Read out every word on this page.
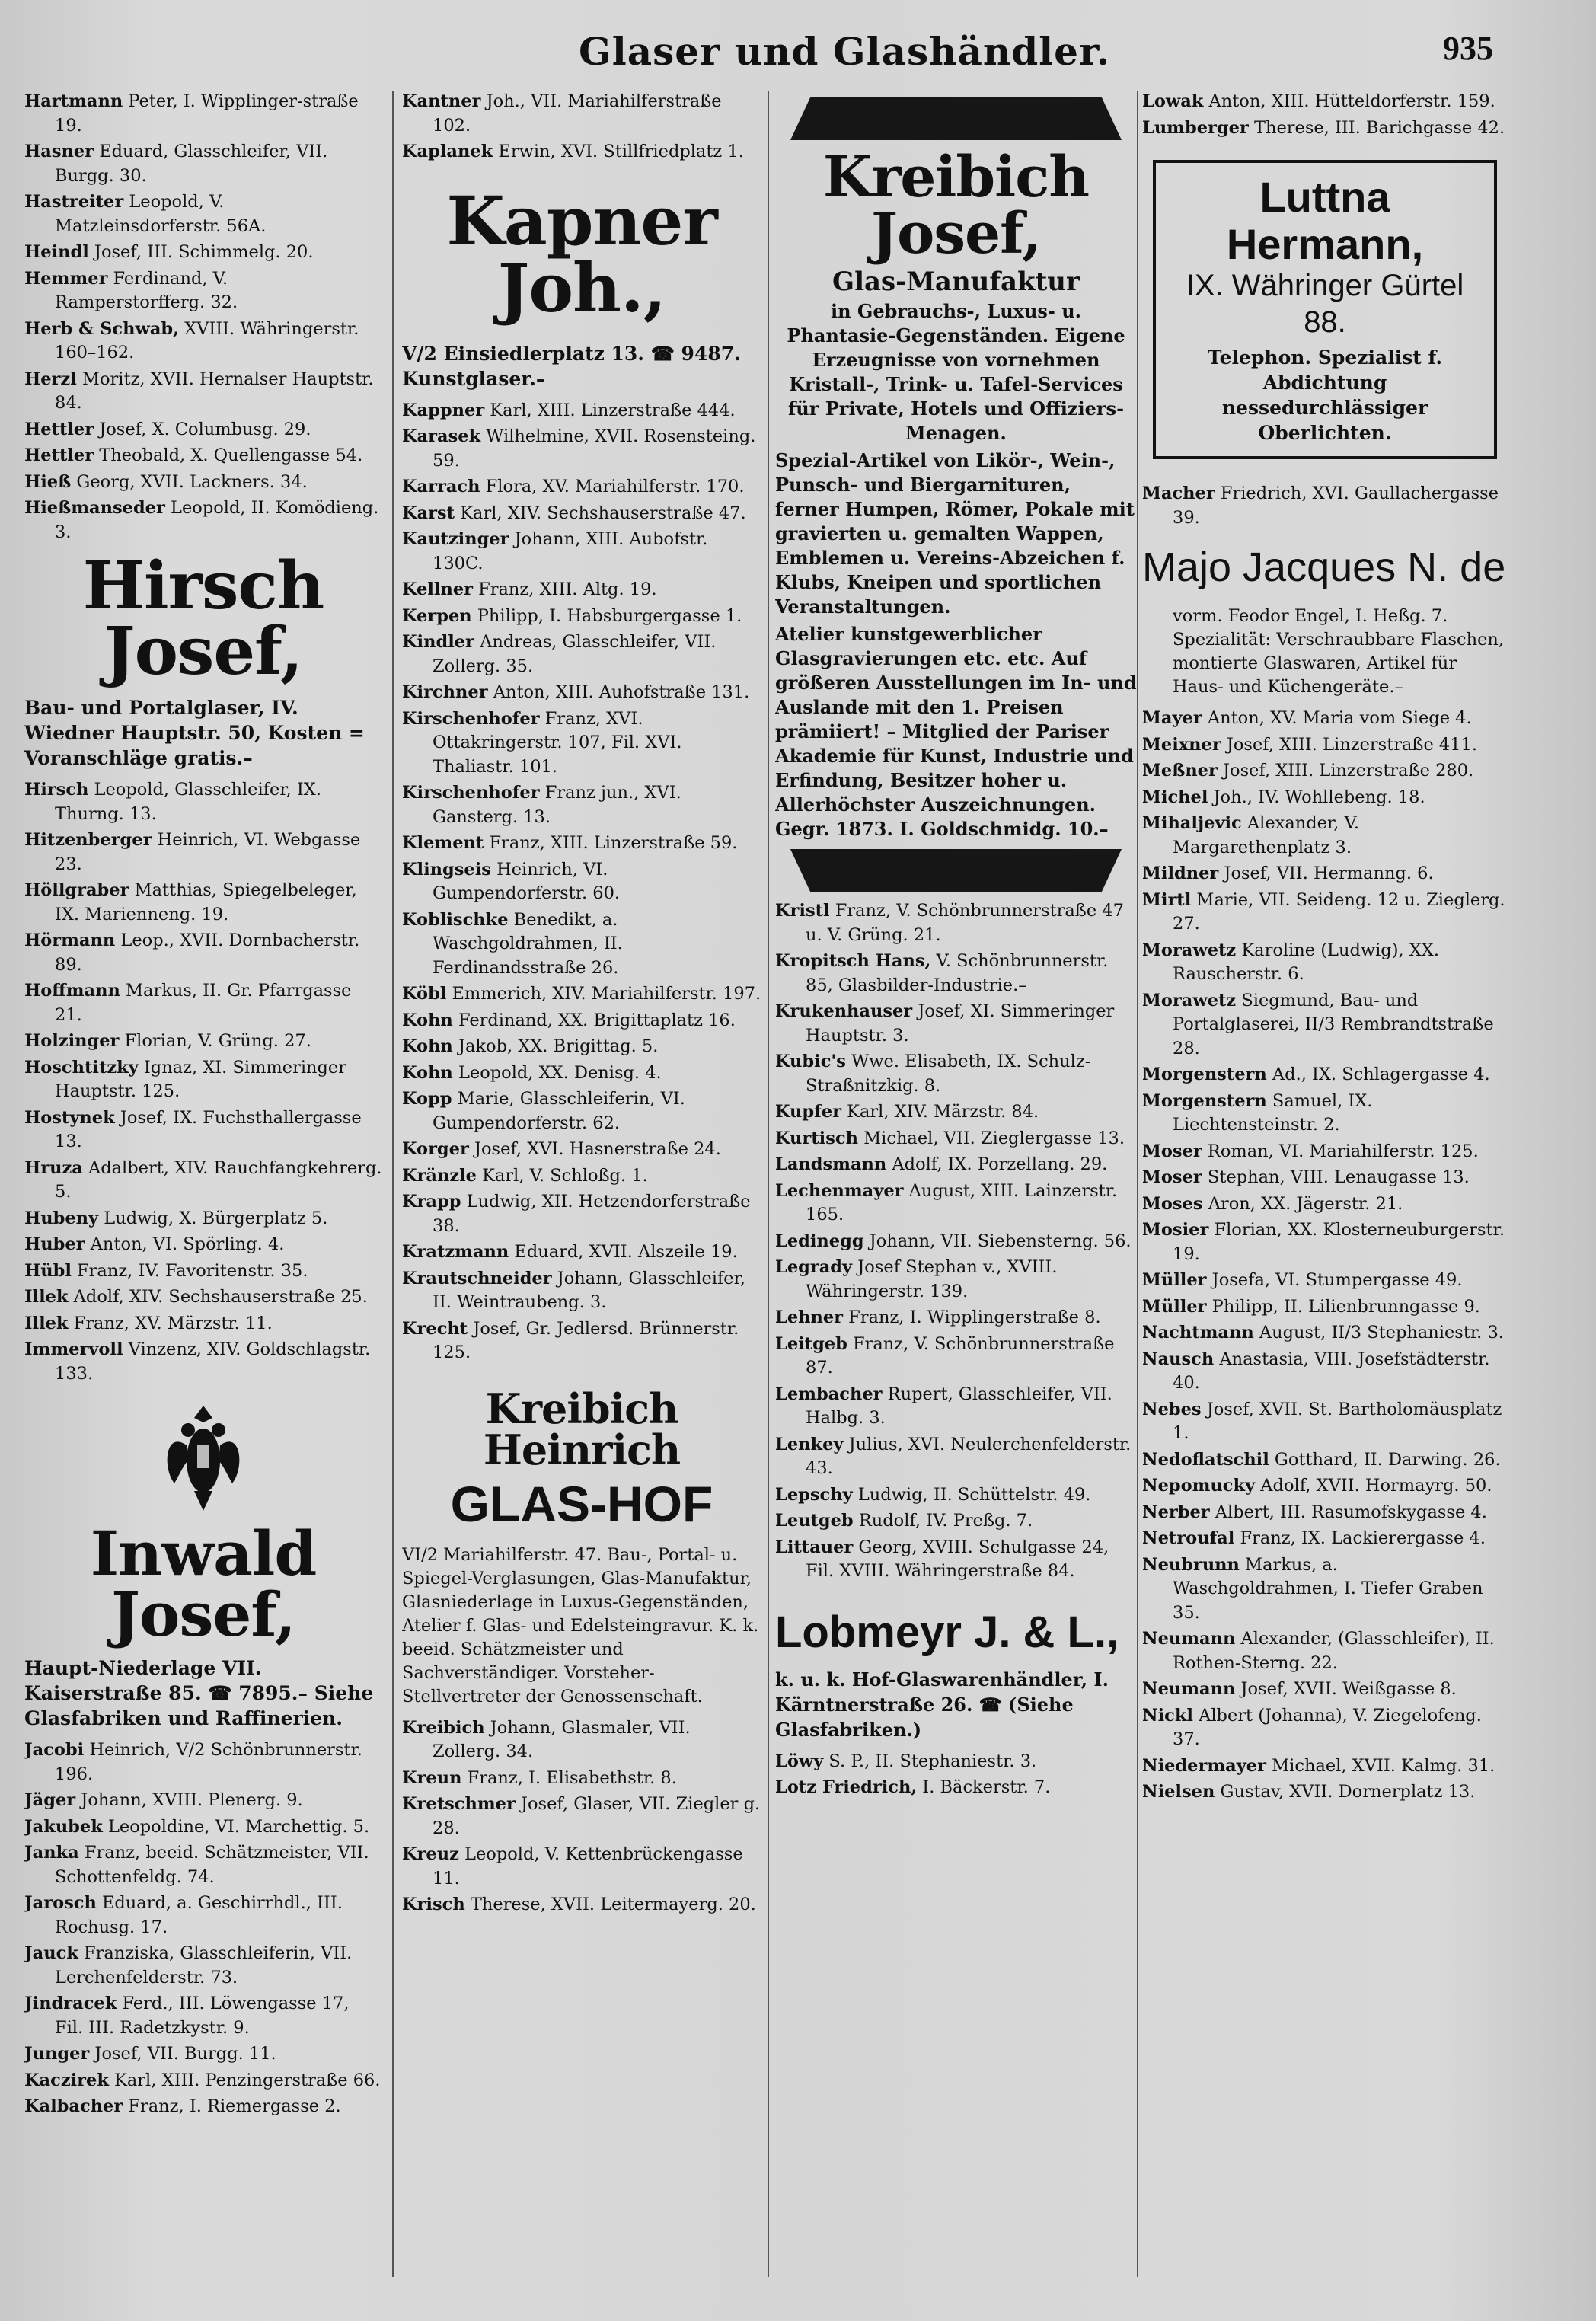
Glaser und Glashändler.	935
Hartmann Peter, I. Wipplinger-straße 19.
Hasner Eduard, Glasschleifer, VII. Burgg. 30.
Hastreiter Leopold, V. Matzleinsdorferstr. 56A.
Heindl Josef, III. Schimmelg. 20.
Hemmer Ferdinand, V. Ramperstorfferg. 32.
Herb & Schwab, XVIII. Währingerstr. 160–162.
Herzl Moritz, XVII. Hernalser Hauptstr. 84.
Hettler Josef, X. Columbusg. 29.
Hettler Theobald, X. Quellengasse 54.
Hieß Georg, XVII. Lackners. 34.
Hießmanseder Leopold, II. Komödieng. 3.
Hirsch Josef,
Bau- und Portalglaser, IV. Wiedner Hauptstr. 50, Kosten = Voranschläge gratis.–
Hirsch Leopold, Glasschleifer, IX. Thurng. 13.
Hitzenberger Heinrich, VI. Webgasse 23.
Höllgraber Matthias, Spiegelbeleger, IX. Marienneng. 19.
Hörmann Leop., XVII. Dornbacherstr. 89.
Hoffmann Markus, II. Gr. Pfarrgasse 21.
Holzinger Florian, V. Grüng. 27.
Hoschtitzky Ignaz, XI. Simmeringer Hauptstr. 125.
Hostynek Josef, IX. Fuchsthallergasse 13.
Hruza Adalbert, XIV. Rauchfangkehrerg. 5.
Hubeny Ludwig, X. Bürgerplatz 5.
Huber Anton, VI. Spörling. 4.
Hübl Franz, IV. Favoritenstr. 35.
Illek Adolf, XIV. Sechshauserstraße 25.
Illek Franz, XV. Märzstr. 11.
Immervoll Vinzenz, XIV. Goldschlagstr. 133.
Inwald Josef,
Haupt-Niederlage VII. Kaiserstraße 85. ☎ 7895.– Siehe Glasfabriken und Raffinerien.
Jacobi Heinrich, V/2 Schönbrunnerstr. 196.
Jäger Johann, XVIII. Plenerg. 9.
Jakubek Leopoldine, VI. Marchettig. 5.
Janka Franz, beeid. Schätzmeister, VII. Schottenfeldg. 74.
Jarosch Eduard, a. Geschirrhdl., III. Rochusg. 17.
Jauck Franziska, Glasschleiferin, VII. Lerchenfelderstr. 73.
Jindracek Ferd., III. Löwengasse 17, Fil. III. Radetzkystr. 9.
Junger Josef, VII. Burgg. 11.
Kaczirek Karl, XIII. Penzingerstraße 66.
Kalbacher Franz, I. Riemergasse 2.
Kantner Joh., VII. Mariahilferstraße 102.
Kaplanek Erwin, XVI. Stillfriedplatz 1.
Kapner Joh.,
V/2 Einsiedlerplatz 13. ☎ 9487. Kunstglaser.–
Kappner Karl, XIII. Linzerstraße 444.
Karasek Wilhelmine, XVII. Rosensteing. 59.
Karrach Flora, XV. Mariahilferstr. 170.
Karst Karl, XIV. Sechshauserstraße 47.
Kautzinger Johann, XIII. Aubofstr. 130C.
Kellner Franz, XIII. Altg. 19.
Kerpen Philipp, I. Habsburgergasse 1.
Kindler Andreas, Glasschleifer, VII. Zollerg. 35.
Kirchner Anton, XIII. Auhofstraße 131.
Kirschenhofer Franz, XVI. Ottakringerstr. 107, Fil. XVI. Thaliastr. 101.
Kirschenhofer Franz jun., XVI. Gansterg. 13.
Klement Franz, XIII. Linzerstraße 59.
Klingseis Heinrich, VI. Gumpendorferstr. 60.
Koblischke Benedikt, a. Waschgoldrahmen, II. Ferdinandsstraße 26.
Köbl Emmerich, XIV. Mariahilferstr. 197.
Kohn Ferdinand, XX. Brigittaplatz 16.
Kohn Jakob, XX. Brigittag. 5.
Kohn Leopold, XX. Denisg. 4.
Kopp Marie, Glasschleiferin, VI. Gumpendorferstr. 62.
Korger Josef, XVI. Hasnerstraße 24.
Kränzle Karl, V. Schloßg. 1.
Krapp Ludwig, XII. Hetzendorferstraße 38.
Kratzmann Eduard, XVII. Alszeile 19.
Krautschneider Johann, Glasschleifer, II. Weintraubeng. 3.
Krecht Josef, Gr. Jedlersd. Brünnerstr. 125.
Kreibich Heinrich
GLAS-HOF
VI/2 Mariahilferstr. 47. Bau-, Portal- u. Spiegel-Verglasungen, Glas-Manufaktur, Glasniederlage in Luxus-Gegenständen, Atelier f. Glas- und Edelsteingravur. K. k. beeid. Schätzmeister und Sachverständiger. Vorsteher-Stellvertreter der Genossenschaft.
Kreibich Johann, Glasmaler, VII. Zollerg. 34.
Kreun Franz, I. Elisabethstr. 8.
Kretschmer Josef, Glaser, VII. Ziegler g. 28.
Kreuz Leopold, V. Kettenbrückengasse 11.
Krisch Therese, XVII. Leitermayerg. 20.
Kreibich Josef,
Glas-Manufaktur
in Gebrauchs-, Luxus- u. Phantasie-Gegenständen. Eigene Erzeugnisse von vornehmen Kristall-, Trink- u. Tafel-Services für Private, Hotels und Offiziers-Menagen.
Spezial-Artikel von Likör-, Wein-, Punsch- und Biergarnituren, ferner Humpen, Römer, Pokale mit gravierten u. gemalten Wappen, Emblemen u. Vereins-Abzeichen f. Klubs, Kneipen und sportlichen Veranstaltungen.
Atelier kunstgewerblicher Glasgravierungen etc. etc. Auf größeren Ausstellungen im In- und Auslande mit den 1. Preisen prämiiert! – Mitglied der Pariser Akademie für Kunst, Industrie und Erfindung, Besitzer hoher u. Allerhöchster Auszeichnungen. Gegr. 1873. I. Goldschmidg. 10.–
Kristl Franz, V. Schönbrunnerstraße 47 u. V. Grüng. 21.
Kropitsch Hans, V. Schönbrunnerstr. 85, Glasbilder-Industrie.–
Krukenhauser Josef, XI. Simmeringer Hauptstr. 3.
Kubic's Wwe. Elisabeth, IX. Schulz-Straßnitzkig. 8.
Kupfer Karl, XIV. Märzstr. 84.
Kurtisch Michael, VII. Zieglergasse 13.
Landsmann Adolf, IX. Porzellang. 29.
Lechenmayer August, XIII. Lainzerstr. 165.
Ledinegg Johann, VII. Siebensterng. 56.
Legrady Josef Stephan v., XVIII. Währingerstr. 139.
Lehner Franz, I. Wipplingerstraße 8.
Leitgeb Franz, V. Schönbrunnerstraße 87.
Lembacher Rupert, Glasschleifer, VII. Halbg. 3.
Lenkey Julius, XVI. Neulerchenfelderstr. 43.
Lepschy Ludwig, II. Schüttelstr. 49.
Leutgeb Rudolf, IV. Preßg. 7.
Littauer Georg, XVIII. Schulgasse 24, Fil. XVIII. Währingerstraße 84.
Lobmeyr J. & L.,
k. u. k. Hof-Glaswarenhändler, I. Kärntnerstraße 26. ☎ (Siehe Glasfabriken.)
Löwy S. P., II. Stephaniestr. 3.
Lotz Friedrich, I. Bäckerstr. 7.
Lowak Anton, XIII. Hütteldorferstr. 159.
Lumberger Therese, III. Barichgasse 42.
Luttna Hermann,
IX. Währinger Gürtel 88.
Telephon. Spezialist f. Abdichtung nessedurchlässiger Oberlichten.
Macher Friedrich, XVI. Gaullachergasse 39.
Majo Jacques N. de
vorm. Feodor Engel, I. Heßg. 7. Spezialität: Verschraubbare Flaschen, montierte Glaswaren, Artikel für Haus- und Küchengeräte.–
Mayer Anton, XV. Maria vom Siege 4.
Meixner Josef, XIII. Linzerstraße 411.
Meßner Josef, XIII. Linzerstraße 280.
Michel Joh., IV. Wohllebeng. 18.
Mihaljevic Alexander, V. Margarethenplatz 3.
Mildner Josef, VII. Hermanng. 6.
Mirtl Marie, VII. Seideng. 12 u. Zieglerg. 27.
Morawetz Karoline (Ludwig), XX. Rauscherstr. 6.
Morawetz Siegmund, Bau- und Portalglaserei, II/3 Rembrandtstraße 28.
Morgenstern Ad., IX. Schlagergasse 4.
Morgenstern Samuel, IX. Liechtensteinstr. 2.
Moser Roman, VI. Mariahilferstr. 125.
Moser Stephan, VIII. Lenaugasse 13.
Moses Aron, XX. Jägerstr. 21.
Mosier Florian, XX. Klosterneuburgerstr. 19.
Müller Josefa, VI. Stumpergasse 49.
Müller Philipp, II. Lilienbrunngasse 9.
Nachtmann August, II/3 Stephaniestr. 3.
Nausch Anastasia, VIII. Josefstädterstr. 40.
Nebes Josef, XVII. St. Bartholomäusplatz 1.
Nedoflatschil Gotthard, II. Darwing. 26.
Nepomucky Adolf, XVII. Hormayrg. 50.
Nerber Albert, III. Rasumofskygasse 4.
Netroufal Franz, IX. Lackierergasse 4.
Neubrunn Markus, a. Waschgoldrahmen, I. Tiefer Graben 35.
Neumann Alexander, (Glasschleifer), II. Rothen-Sterng. 22.
Neumann Josef, XVII. Weißgasse 8.
Nickl Albert (Johanna), V. Ziegelofeng. 37.
Niedermayer Michael, XVII. Kalmg. 31.
Nielsen Gustav, XVII. Dornerplatz 13.
